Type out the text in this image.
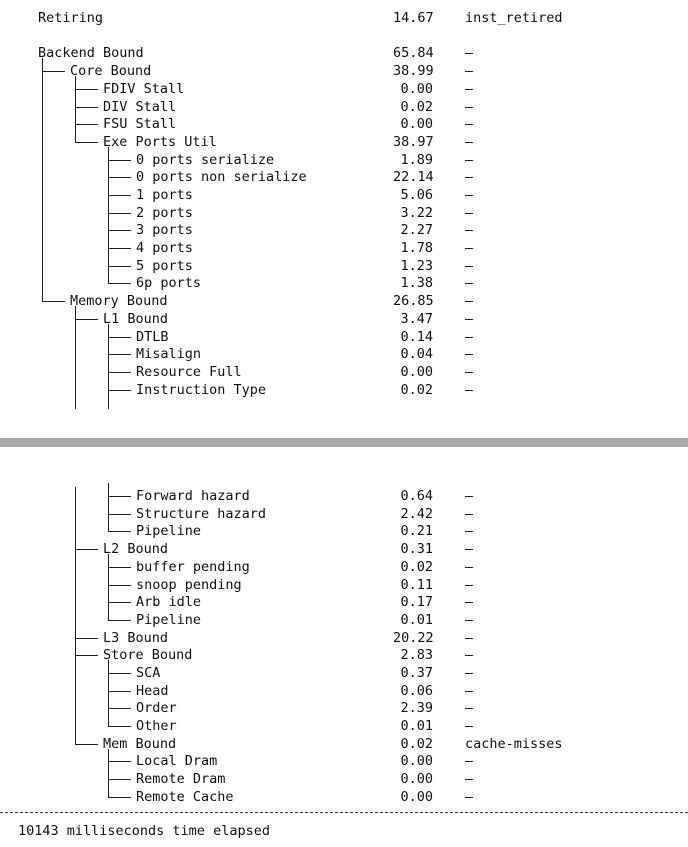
Retiring	14.67 inst_retired
Backend Bound	65.84 —
Core Bound	38.99 —
FDIV Stall	0.00 —
DIV Stall	0.02 —
FSU Stall	0.00 —
Exe Ports Util	38.97 —
0 ports serialize	1.89 —
0 ports non serialize	22.14 —
1 ports	5.06 —
2 ports	3.22 —
3 ports	2.27 —
4 ports	1.78 —
5 ports	1.23 —
6p ports	1.38 —
Memory Bound	26.85 —
L1 Bound	3.47 —
DTLB	0.14 —
Misalign	0.04 —
Resource Full	0.00 —
Instruction Type	0.02 —
Forward hazard	0.64 —
Structure hazard	2.42 —
Pipeline	0.21 —
L2 Bound	0.31 —
buffer pending	0.02 —
snoop pending	0.11 —
Arb idle	0.17 —
Pipeline	0.01 —
L3 Bound	20.22 —
Store Bound	2.83 —
SCA	0.37 —
Head	0.06 —
Order	2.39 —
Other	0.01 —
Mem Bound	0.02 cache-misses
Local Dram	0.00 —
Remote Dram	0.00 —
Remote Cache	0.00 —
10143 milliseconds time elapsed
